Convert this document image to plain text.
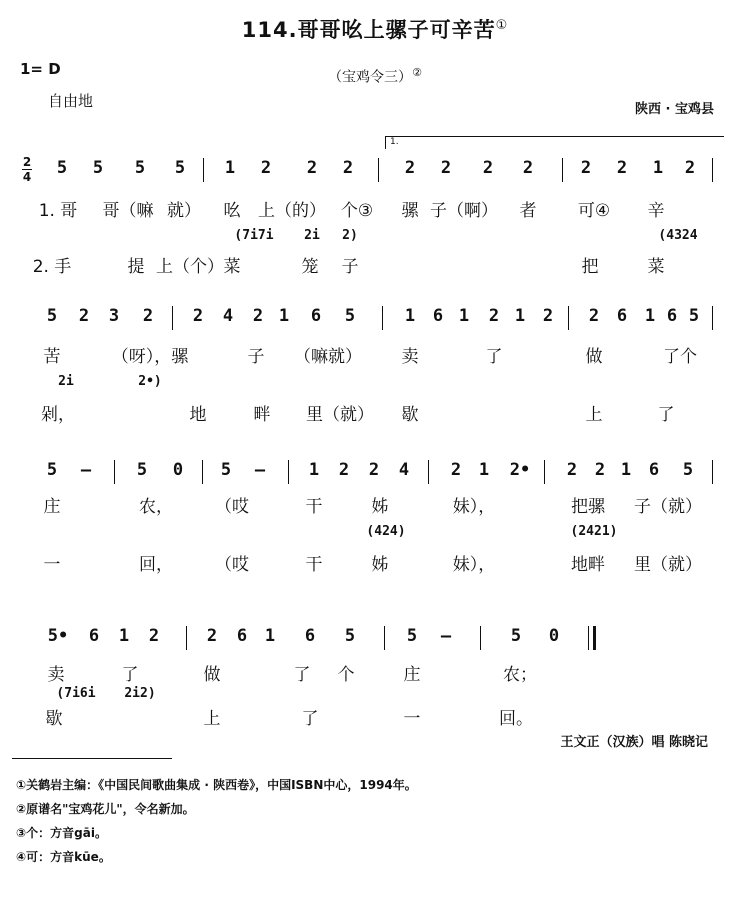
114.哥哥吆上骡子可辛苦①
1= D	（宝鸡令三）②
自由地	陕西 · 宝鸡县
2
4
1.
5 5 5 5 1 2 2 2	2 2 2 2	2 2 1 2
1. 哥 哥（嘛 就） 吆 上（的） 个③ 骡 子（啊） 者 可④ 辛
(7i7i 2i 2)	(4324
2. 手	提 上（个） 菜	笼 子	把	菜
5 2 3 2 2 4 2 1 6 5	1 6 1 2 1 2 2 6 1 6 5
苦	（呀），骡	子 （嘛就） 卖	了	做	了个
2i	2•)
剁，	地	畔 里（就） 歇	上	了
5 —	5 0 5 —	1 2 2 4 2 1 2• 2 2 1 6 5
庄	农， （哎	干	姊	妹），	把骡 子（就）
(424)	(2421)
一	回， （哎	干	姊	妹），	地畔 里（就）
5• 6 1 2	2 6 1 6 5	5 —	5 0
卖	了	做	了 个	庄	农；
(7i6i 2i2)
歇	上	了	一	回。
王文正（汉族）唱 陈晓记
①关鹤岩主编：《中国民间歌曲集成 · 陕西卷》，中国ISBN中心，1994年。
②原谱名"宝鸡花儿"，令名新加。
③个：方音gāi。
④可：方音kūe。
